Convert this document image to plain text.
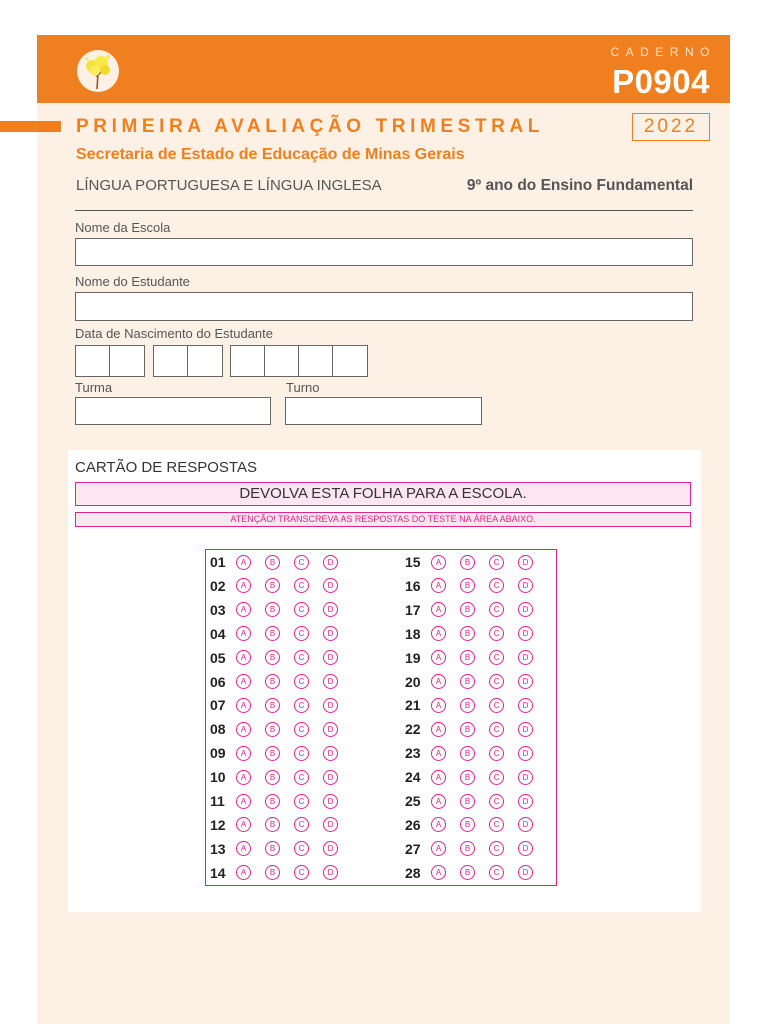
CADERNO
P0904
PRIMEIRA AVALIAÇÃO TRIMESTRAL	2022
Secretaria de Estado de Educação de Minas Gerais
LÍNGUA PORTUGUESA E LÍNGUA INGLESA	9º ano do Ensino Fundamental
Nome da Escola
Nome do Estudante
Data de Nascimento do Estudante
Turma	Turno
CARTÃO DE RESPOSTAS
DEVOLVA ESTA FOLHA PARA A ESCOLA.
ATENÇÃO! TRANSCREVA AS RESPOSTAS DO TESTE NA ÁREA ABAIXO.
01	A	B	C	D
02	A	B	C	D
03	A	B	C	D
04	A	B	C	D
05	A	B	C	D
06	A	B	C	D
07	A	B	C	D
08	A	B	C	D
09	A	B	C	D
10	A	B	C	D
11	A	B	C	D
12	A	B	C	D
13	A	B	C	D
14	A	B	C	D
15	A	B	C	D
16	A	B	C	D
17	A	B	C	D
18	A	B	C	D
19	A	B	C	D
20	A	B	C	D
21	A	B	C	D
22	A	B	C	D
23	A	B	C	D
24	A	B	C	D
25	A	B	C	D
26	A	B	C	D
27	A	B	C	D
28	A	B	C	D
